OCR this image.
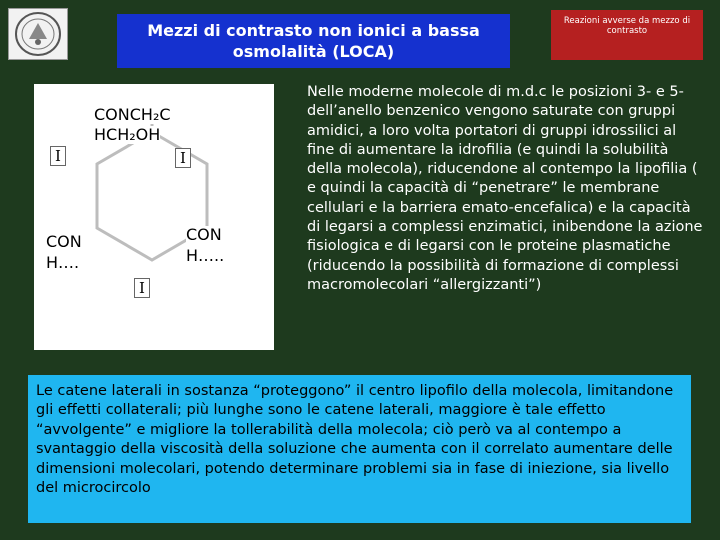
Mezzi di contrasto non ionici a bassa
osmolalità (LOCA)
Reazioni avverse da mezzo di
contrasto
CONCH₂C
HCH₂OH
I	I
CON
H….
CON
H…..
I
Nelle moderne molecole di m.d.c le posizioni 3- e 5- dell’anello benzenico vengono saturate con gruppi amidici, a loro volta portatori di gruppi idrossilici al fine di aumentare la idrofilia (e quindi la solubilità della molecola), riducendone al contempo la lipofilia ( e quindi la capacità di “penetrare” le membrane cellulari e la barriera emato-encefalica) e la capacità di legarsi a complessi enzimatici, inibendone la azione fisiologica e di legarsi con le proteine plasmatiche (riducendo la possibilità di formazione di complessi macromolecolari “allergizzanti”)
Le catene laterali in sostanza “proteggono” il centro lipofilo della molecola, limitandone gli effetti collaterali; più lunghe sono le catene laterali, maggiore è tale effetto “avvolgente” e migliore la tollerabilità della molecola; ciò però va al contempo a svantaggio della viscosità della soluzione che aumenta con il correlato aumentare delle dimensioni molecolari, potendo determinare problemi sia in fase di iniezione, sia livello del microcircolo
